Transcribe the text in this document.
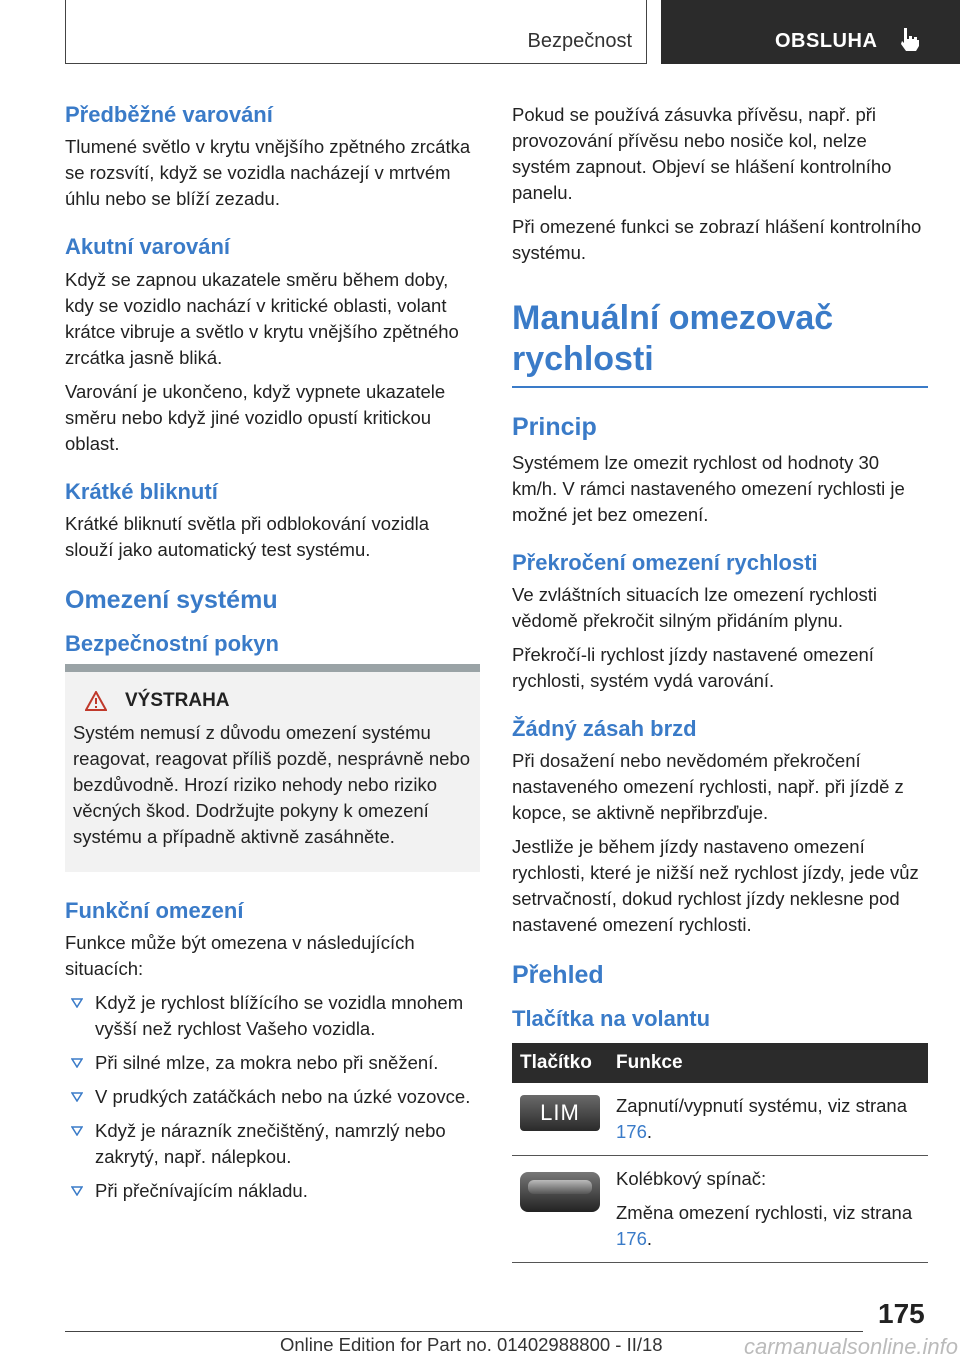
Bezpečnost	OBSLUHA
Předběžné varování

Tlumené světlo v krytu vnějšího zpětného zrcátka se rozsvítí, když se vozidla nacházejí v mrtvém úhlu nebo se blíží zezadu.

Akutní varování

Když se zapnou ukazatele směru během doby, kdy se vozidlo nachází v kritické oblasti, volant krátce vibruje a světlo v krytu vnějšího zpětného zrcátka jasně bliká.

Varování je ukončeno, když vypnete ukazatele směru nebo když jiné vozidlo opustí kritickou oblast.

Krátké bliknutí

Krátké bliknutí světla při odblokování vozidla slouží jako automatický test systému.

Omezení systému
Bezpečnostní pokyn
VÝSTRAHA

Systém nemusí z důvodu omezení systému reagovat, reagovat příliš pozdě, nesprávně nebo bezdůvodně. Hrozí riziko nehody nebo riziko věcných škod. Dodržujte pokyny k omezení systému a případně aktivně zasáhněte.

Funkční omezení

Funkce může být omezena v následujících situacích:

Když je rychlost blížícího se vozidla mnohem vyšší než rychlost Vašeho vozidla.
Při silné mlze, za mokra nebo při sněžení.
V prudkých zatáčkách nebo na úzké vozovce.
Když je nárazník znečištěný, namrzlý nebo zakrytý, např. nálepkou.
Při přečnívajícím nákladu.

Pokud se používá zásuvka přívěsu, např. při provozování přívěsu nebo nosiče kol, nelze systém zapnout. Objeví se hlášení kontrolního panelu.

Při omezené funkci se zobrazí hlášení kontrolního systému.

Manuální omezovač rychlosti
Princip

Systémem lze omezit rychlost od hodnoty 30 km/h. V rámci nastaveného omezení rychlosti je možné jet bez omezení.

Překročení omezení rychlosti

Ve zvláštních situacích lze omezení rychlosti vědomě překročit silným přidáním plynu.

Překročí-li rychlost jízdy nastavené omezení rychlosti, systém vydá varování.

Žádný zásah brzd

Při dosažení nebo nevědomém překročení nastaveného omezení rychlosti, např. při jízdě z kopce, se aktivně nepřibrzďuje.

Jestliže je během jízdy nastaveno omezení rychlosti, které je nižší než rychlost jízdy, jede vůz setrvačností, dokud rychlost jízdy neklesne pod nastavené omezení rychlosti.

Přehled
Tlačítka na volantu
Tlačítko	Funkce

LIM	Zapnutí/vypnutí systému, viz strana 176.

	Kolébkový spínač:

Změna omezení rychlosti, viz strana 176.

175
Online Edition for Part no. 01402988800 - II/18	carmanualsonline.info
